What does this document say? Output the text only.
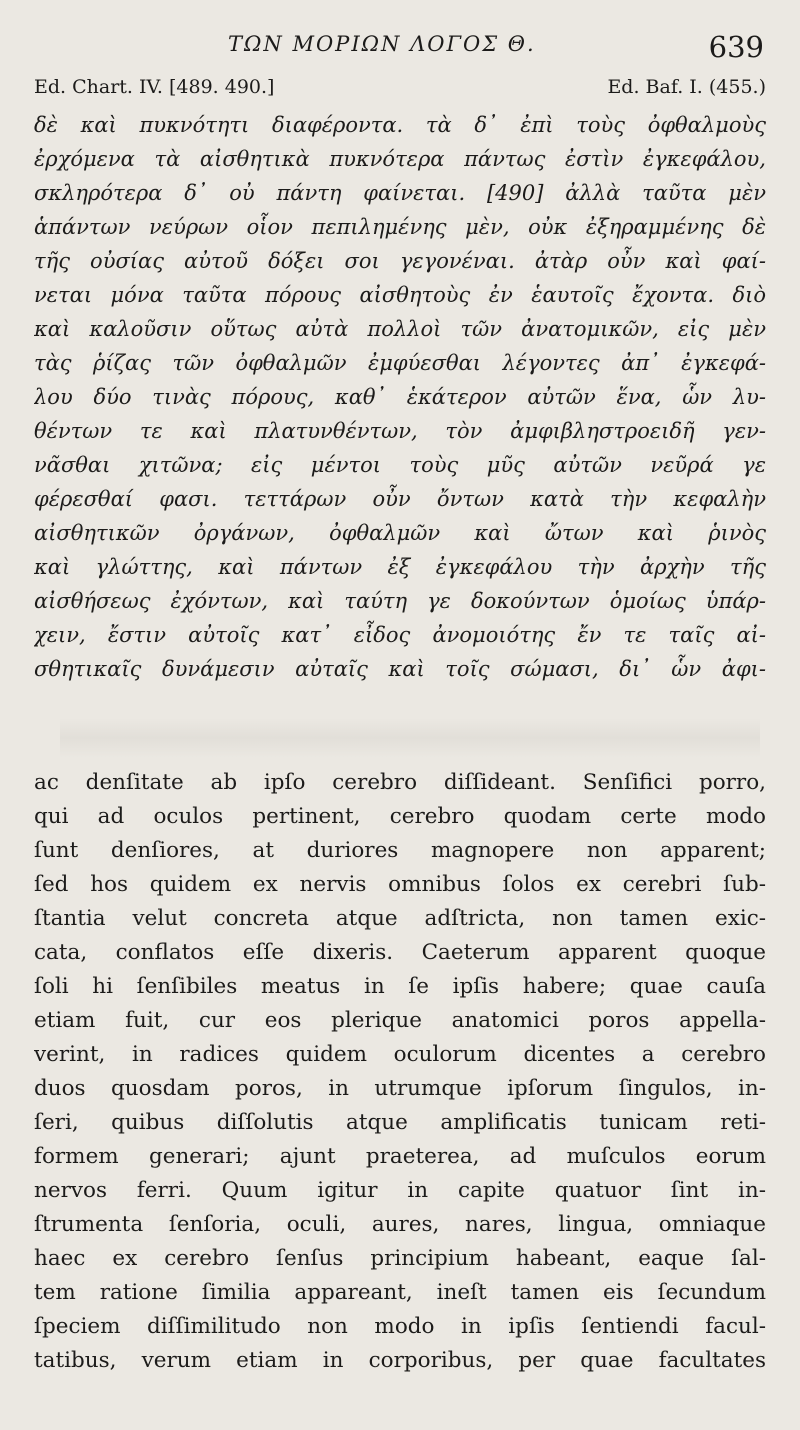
ΤΩΝ ΜΟΡΙΩΝ ΛΟΓΟΣ Θ.	639
Ed. Chart. IV. [489. 490.]	Ed. Baf. I. (455.)
δὲ καὶ πυκνότητι διαφέροντα. τὰ δ᾽ ἐπὶ τοὺς ὀφθαλμοὺς
ἐρχόμενα τὰ αἰσθητικὰ πυκνότερα πάντως ἐστὶν ἐγκεφάλου,
σκληρότερα δ᾽ οὐ πάντη φαίνεται. [490] ἀλλὰ ταῦτα μὲν
ἁπάντων νεύρων οἷον πεπιλημένης μὲν, οὐκ ἐξηραμμένης δὲ
τῆς οὐσίας αὐτοῦ δόξει σοι γεγονέναι. ἀτὰρ οὖν καὶ φαί-
νεται μόνα ταῦτα πόρους αἰσθητοὺς ἐν ἑαυτοῖς ἔχοντα. διὸ
καὶ καλοῦσιν οὕτως αὐτὰ πολλοὶ τῶν ἀνατομικῶν, εἰς μὲν
τὰς ῥίζας τῶν ὀφθαλμῶν ἐμφύεσθαι λέγοντες ἀπ᾽ ἐγκεφά-
λου δύο τινὰς πόρους, καθ᾽ ἑκάτερον αὐτῶν ἕνα, ὧν λυ-
θέντων τε καὶ πλατυνθέντων, τὸν ἀμφιβληστροειδῆ γεν-
νᾶσθαι χιτῶνα; εἰς μέντοι τοὺς μῦς αὐτῶν νεῦρά γε
φέρεσθαί φασι. τεττάρων οὖν ὄντων κατὰ τὴν κεφαλὴν
αἰσθητικῶν ὀργάνων, ὀφθαλμῶν καὶ ὤτων καὶ ῥινὸς
καὶ γλώττης, καὶ πάντων ἐξ ἐγκεφάλου τὴν ἀρχὴν τῆς
αἰσθήσεως ἐχόντων, καὶ ταύτη γε δοκούντων ὁμοίως ὑπάρ-
χειν, ἔστιν αὐτοῖς κατ᾽ εἶδος ἀνομοιότης ἔν τε ταῖς αἰ-
σθητικαῖς δυνάμεσιν αὐταῖς καὶ τοῖς σώμασι, δι᾽ ὧν ἀφι-
ac denſitate ab ipſo cerebro diſſideant. Senſifici porro,
qui ad oculos pertinent, cerebro quodam certe modo
ſunt denſiores, at duriores magnopere non apparent;
ſed hos quidem ex nervis omnibus ſolos ex cerebri ſub-
ſtantia velut concreta atque adſtricta, non tamen exic-
cata, conflatos eſſe dixeris. Caeterum apparent quoque
ſoli hi ſenſibiles meatus in ſe ipſis habere; quae cauſa
etiam fuit, cur eos plerique anatomici poros appella-
verint, in radices quidem oculorum dicentes a cerebro
duos quosdam poros, in utrumque ipſorum ſingulos, in-
ſeri, quibus diſſolutis atque amplificatis tunicam reti-
formem generari; ajunt praeterea, ad muſculos eorum
nervos ferri. Quum igitur in capite quatuor ſint in-
ſtrumenta ſenſoria, oculi, aures, nares, lingua, omniaque
haec ex cerebro ſenſus principium habeant, eaque ſal-
tem ratione ſimilia appareant, ineſt tamen eis ſecundum
ſpeciem diſſimilitudo non modo in ipſis ſentiendi facul-
tatibus, verum etiam in corporibus, per quae facultates
